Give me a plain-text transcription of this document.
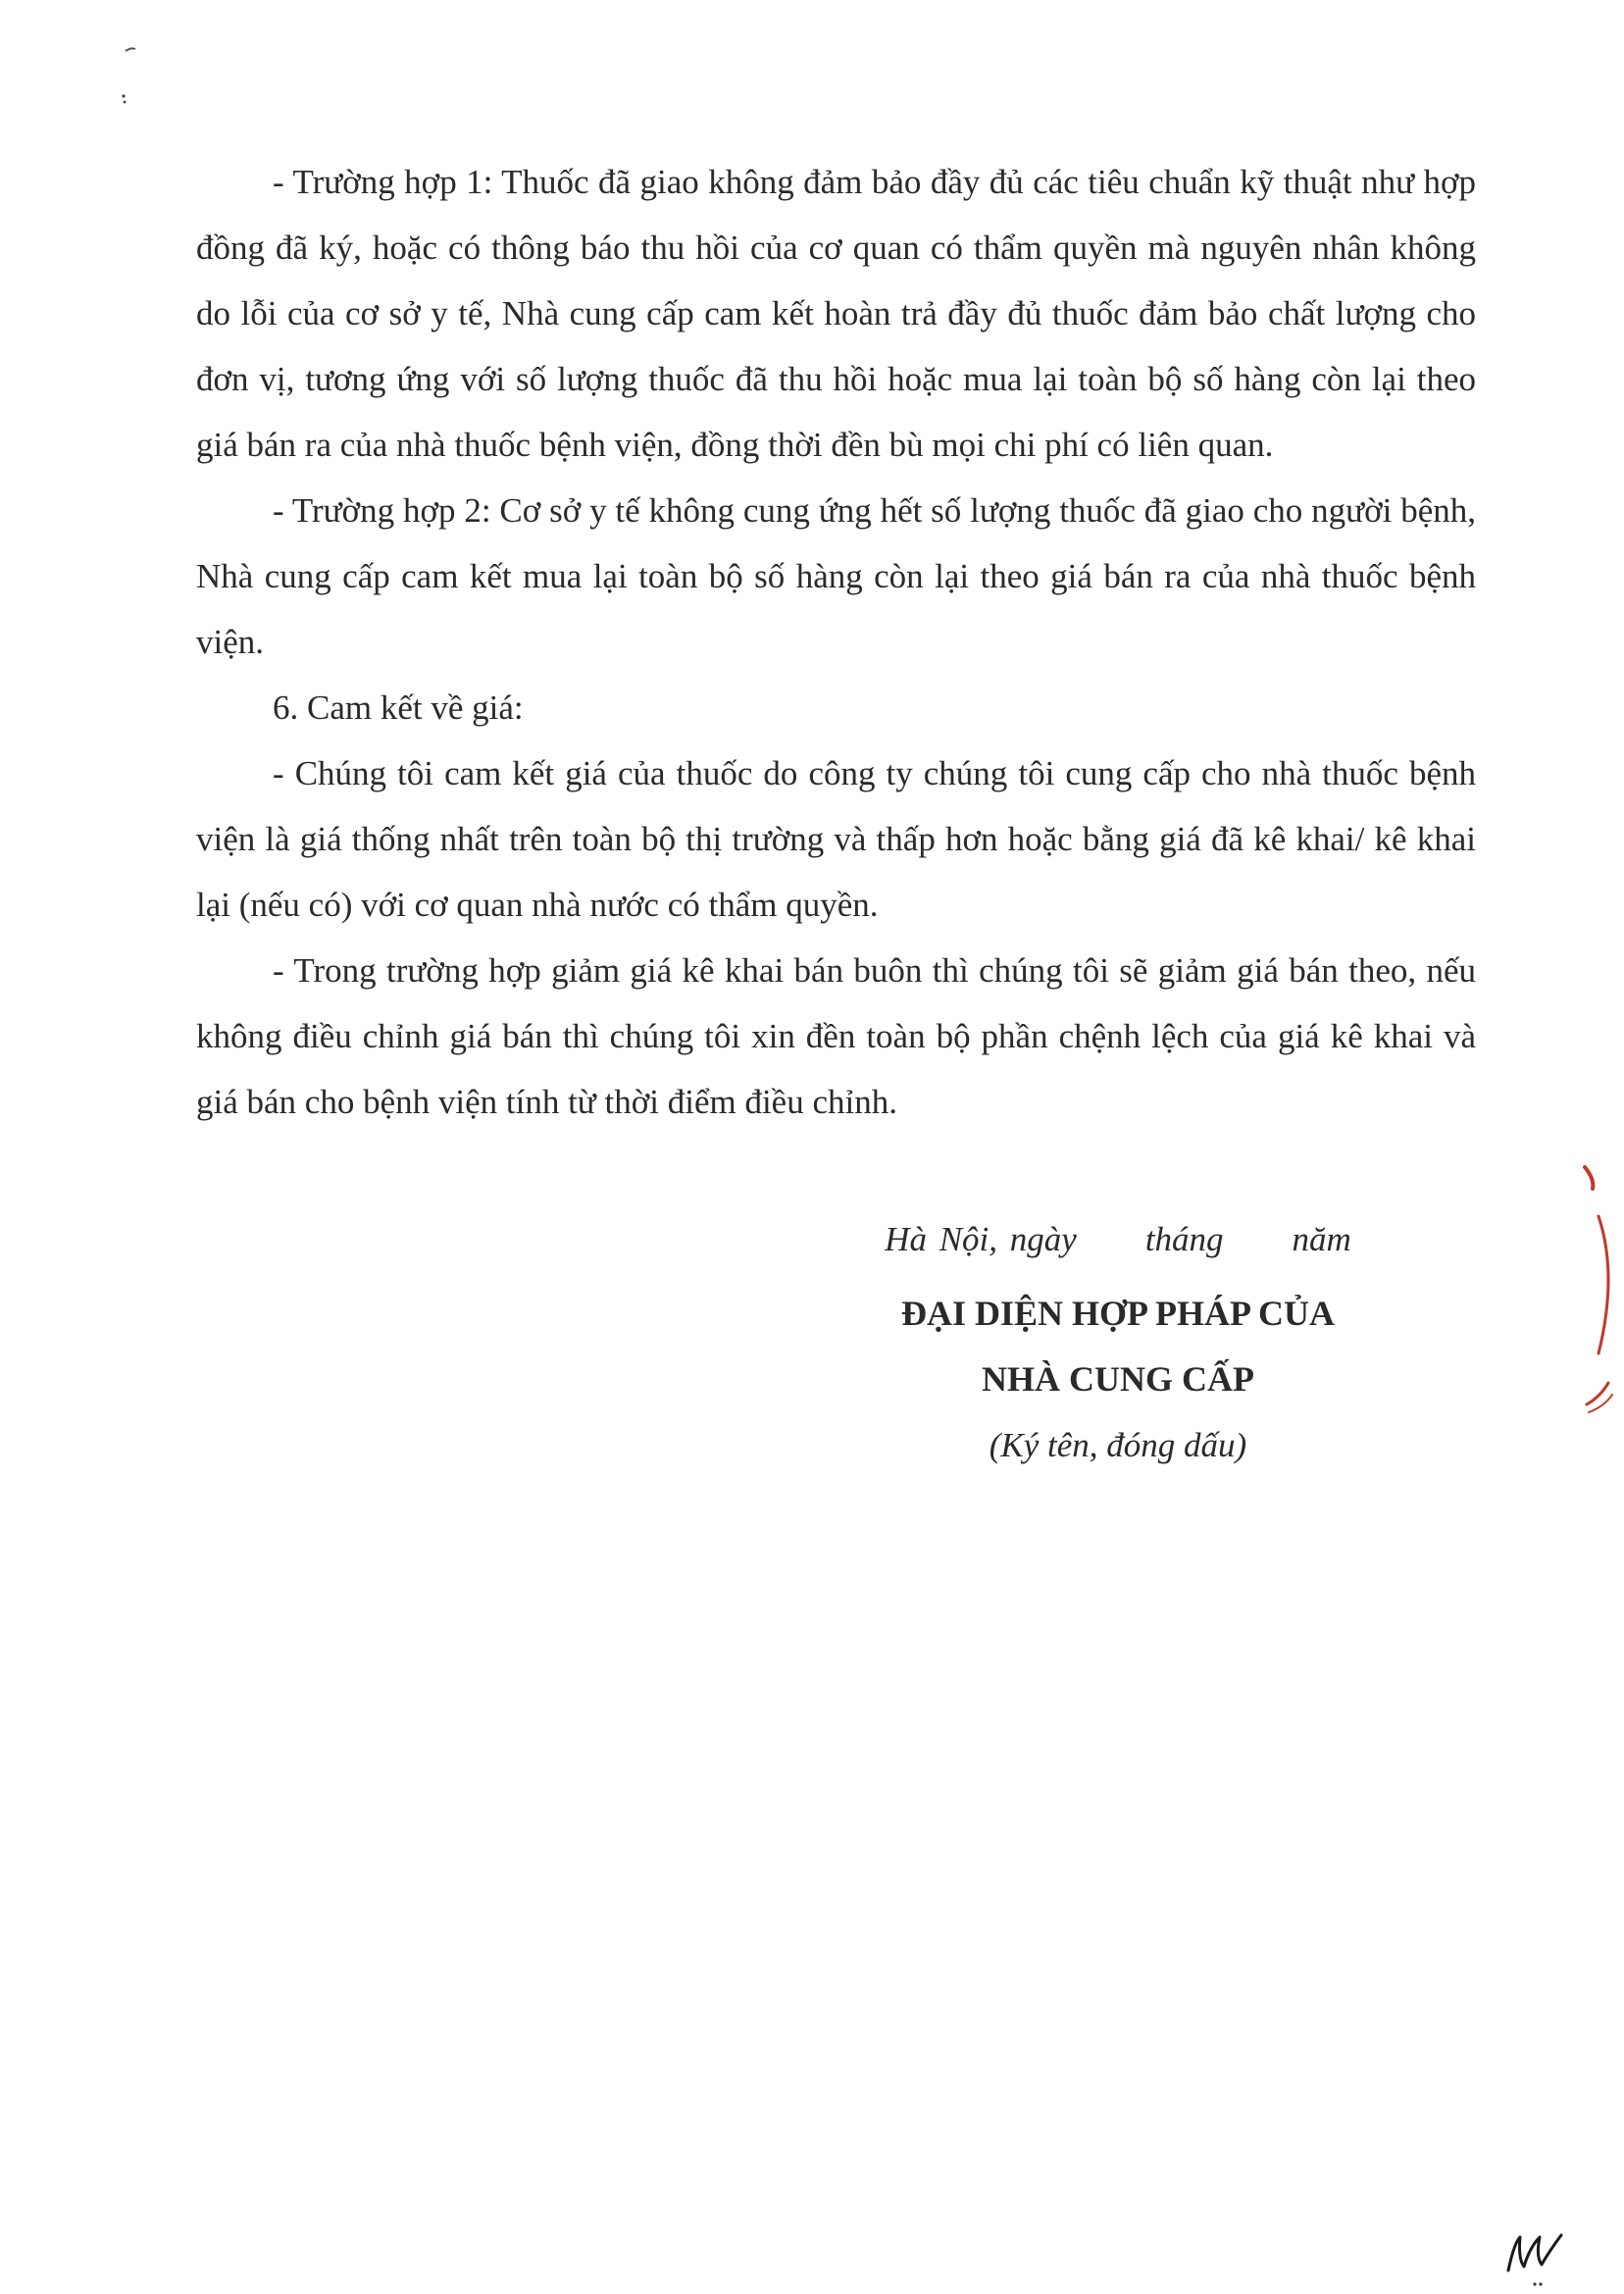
- Trường hợp 1: Thuốc đã giao không đảm bảo đầy đủ các tiêu chuẩn kỹ thuật như hợp đồng đã ký, hoặc có thông báo thu hồi của cơ quan có thẩm quyền mà nguyên nhân không do lỗi của cơ sở y tế, Nhà cung cấp cam kết hoàn trả đầy đủ thuốc đảm bảo chất lượng cho đơn vị, tương ứng với số lượng thuốc đã thu hồi hoặc mua lại toàn bộ số hàng còn lại theo giá bán ra của nhà thuốc bệnh viện, đồng thời đền bù mọi chi phí có liên quan.

- Trường hợp 2: Cơ sở y tế không cung ứng hết số lượng thuốc đã giao cho người bệnh, Nhà cung cấp cam kết mua lại toàn bộ số hàng còn lại theo giá bán ra của nhà thuốc bệnh viện.

6. Cam kết về giá:

- Chúng tôi cam kết giá của thuốc do công ty chúng tôi cung cấp cho nhà thuốc bệnh viện là giá thống nhất trên toàn bộ thị trường và thấp hơn hoặc bằng giá đã kê khai/ kê khai lại (nếu có) với cơ quan nhà nước có thẩm quyền.

- Trong trường hợp giảm giá kê khai bán buôn thì chúng tôi sẽ giảm giá bán theo, nếu không điều chỉnh giá bán thì chúng tôi xin đền toàn bộ phần chệnh lệch của giá kê khai và giá bán cho bệnh viện tính từ thời điểm điều chỉnh.

Hà Nội, ngày tháng năm

ĐẠI DIỆN HỢP PHÁP CỦA

NHÀ CUNG CẤP

(Ký tên, đóng dấu)
